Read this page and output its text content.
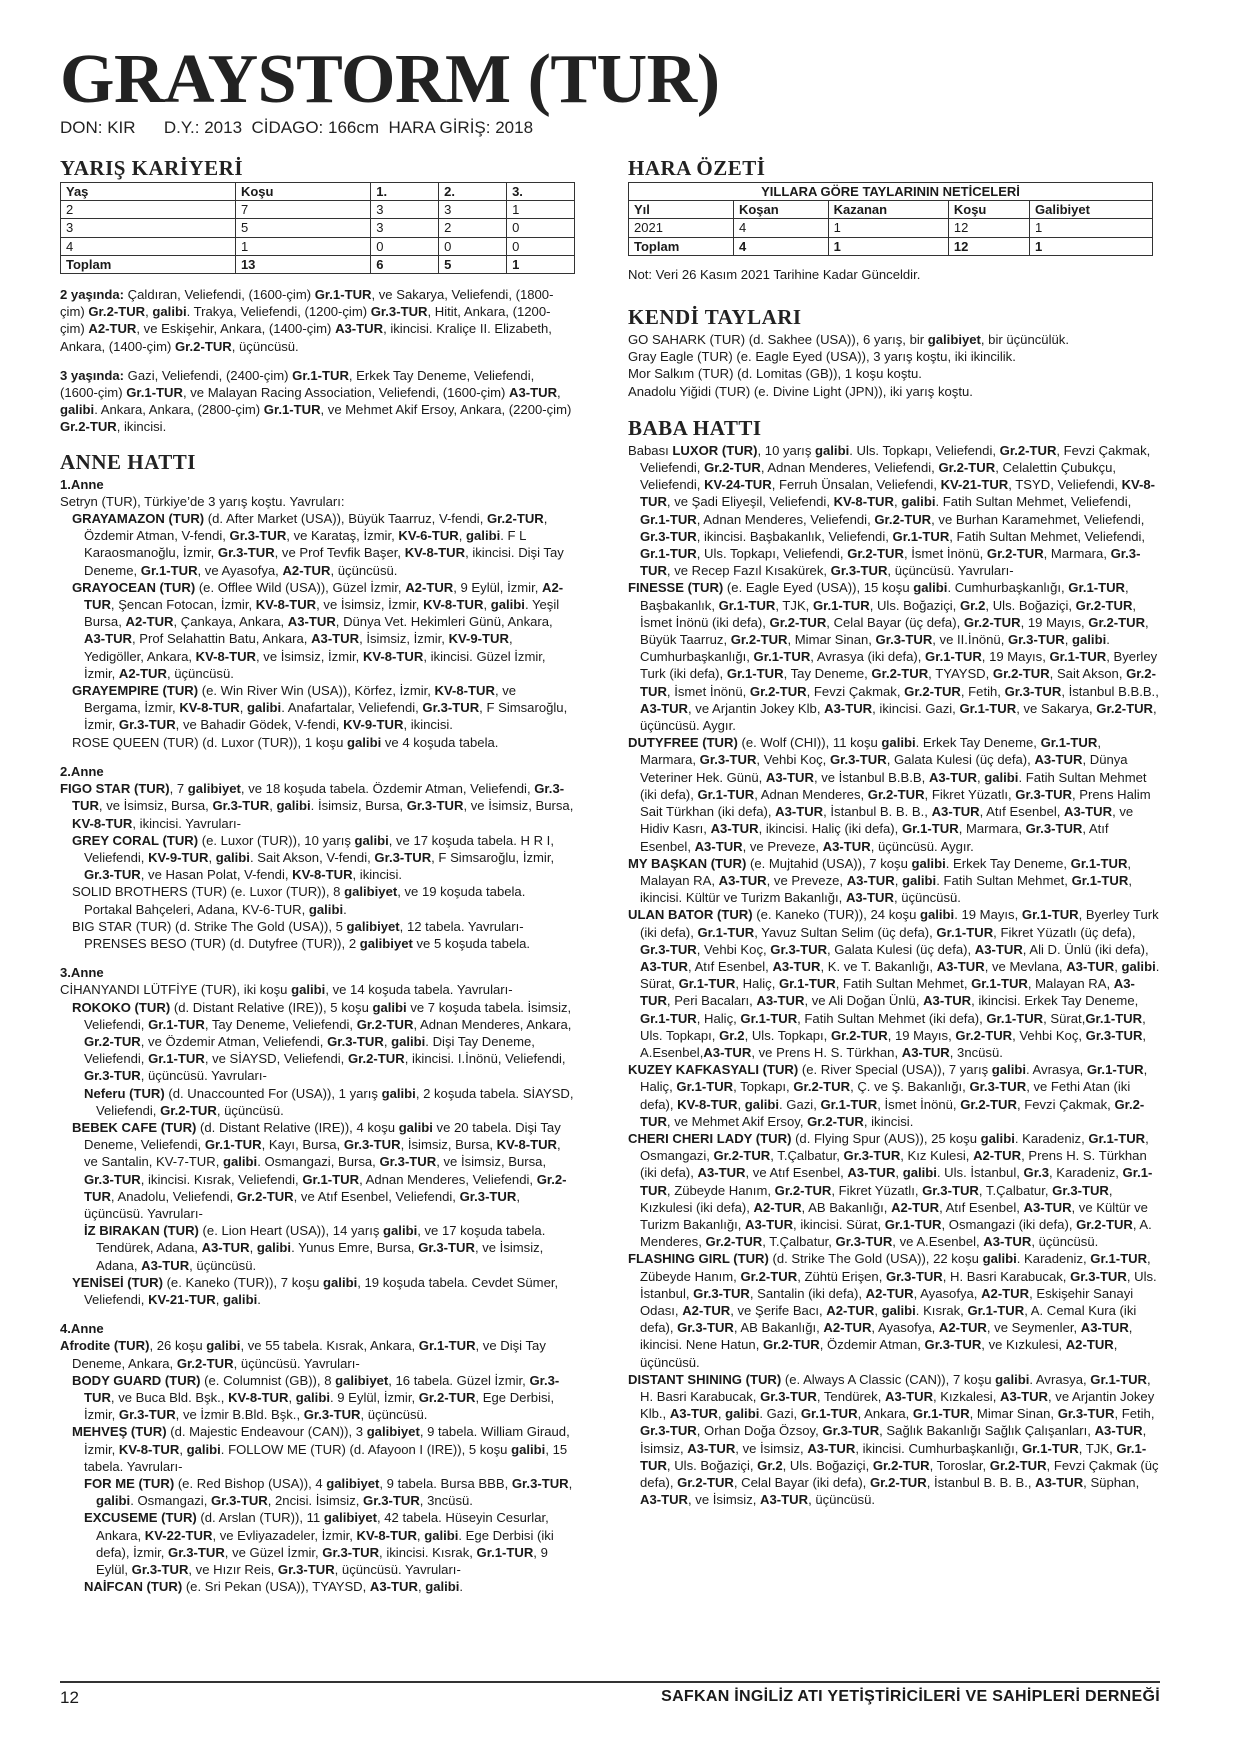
GRAYSTORM (TUR)
DON: KIR      D.Y.: 2013  CİDAGO: 166cm  HARA GİRİŞ: 2018
YARIŞ KARİYERİ
Yaş	Koşu	1.	2.	3.
2	7	3	3	1
3	5	3	2	0
4	1	0	0	0
Toplam	13	6	5	1

2 yaşında: Çaldıran, Veliefendi, (1600-çim) Gr.1-TUR, ve Sakarya, Veliefendi, (1800-çim) Gr.2-TUR, galibi. Trakya, Veliefendi, (1200-çim) Gr.3-TUR, Hitit, Ankara, (1200-çim) A2-TUR, ve Eskişehir, Ankara, (1400-çim) A3-TUR, ikincisi. Kraliçe II. Elizabeth, Ankara, (1400-çim) Gr.2-TUR, üçüncüsü.

3 yaşında: Gazi, Veliefendi, (2400-çim) Gr.1-TUR, Erkek Tay Deneme, Veliefendi, (1600-çim) Gr.1-TUR, ve Malayan Racing Association, Veliefendi, (1600-çim) A3-TUR, galibi. Ankara, Ankara, (2800-çim) Gr.1-TUR, ve Mehmet Akif Ersoy, Ankara, (2200-çim) Gr.2-TUR, ikincisi.

ANNE HATTI

1.Anne

Setryn (TUR), Türkiye’de 3 yarış koştu. Yavruları:

GRAYAMAZON (TUR) (d. After Market (USA)), Büyük Taarruz, V-fendi, Gr.2-TUR, Özdemir Atman, V-fendi, Gr.3-TUR, ve Karataş, İzmir, KV-6-TUR, galibi. F L Karaosmanoğlu, İzmir, Gr.3-TUR, ve Prof Tevfik Başer, KV-8-TUR, ikincisi. Dişi Tay Deneme, Gr.1-TUR, ve Ayasofya, A2-TUR, üçüncüsü.

GRAYOCEAN (TUR) (e. Offlee Wild (USA)), Güzel İzmir, A2-TUR, 9 Eylül, İzmir, A2-TUR, Şencan Fotocan, İzmir, KV-8-TUR, ve İsimsiz, İzmir, KV-8-TUR, galibi. Yeşil Bursa, A2-TUR, Çankaya, Ankara, A3-TUR, Dünya Vet. Hekimleri Günü, Ankara, A3-TUR, Prof Selahattin Batu, Ankara, A3-TUR, İsimsiz, İzmir, KV-9-TUR, Yedigöller, Ankara, KV-8-TUR, ve İsimsiz, İzmir, KV-8-TUR, ikincisi. Güzel İzmir, İzmir, A2-TUR, üçüncüsü.

GRAYEMPIRE (TUR) (e. Win River Win (USA)), Körfez, İzmir, KV-8-TUR, ve Bergama, İzmir, KV-8-TUR, galibi. Anafartalar, Veliefendi, Gr.3-TUR, F Simsaroğlu, İzmir, Gr.3-TUR, ve Bahadir Gödek, V-fendi, KV-9-TUR, ikincisi.

ROSE QUEEN (TUR) (d. Luxor (TUR)), 1 koşu galibi ve 4 koşuda tabela.

2.Anne

FIGO STAR (TUR), 7 galibiyet, ve 18 koşuda tabela. Özdemir Atman, Veliefendi, Gr.3-TUR, ve İsimsiz, Bursa, Gr.3-TUR, galibi. İsimsiz, Bursa, Gr.3-TUR, ve İsimsiz, Bursa, KV-8-TUR, ikincisi. Yavruları-

GREY CORAL (TUR) (e. Luxor (TUR)), 10 yarış galibi, ve 17 koşuda tabela. H R I, Veliefendi, KV-9-TUR, galibi. Sait Akson, V-fendi, Gr.3-TUR, F Simsaroğlu, İzmir, Gr.3-TUR, ve Hasan Polat, V-fendi, KV-8-TUR, ikincisi.

SOLID BROTHERS (TUR) (e. Luxor (TUR)), 8 galibiyet, ve 19 koşuda tabela. Portakal Bahçeleri, Adana, KV-6-TUR, galibi.

BIG STAR (TUR) (d. Strike The Gold (USA)), 5 galibiyet, 12 tabela. Yavruları-

PRENSES BESO (TUR) (d. Dutyfree (TUR)), 2 galibiyet ve 5 koşuda tabela.

3.Anne

CİHANYANDI LÜTFİYE (TUR), iki koşu galibi, ve 14 koşuda tabela. Yavruları-

ROKOKO (TUR) (d. Distant Relative (IRE)), 5 koşu galibi ve 7 koşuda tabela. İsimsiz, Veliefendi, Gr.1-TUR, Tay Deneme, Veliefendi, Gr.2-TUR, Adnan Menderes, Ankara, Gr.2-TUR, ve Özdemir Atman, Veliefendi, Gr.3-TUR, galibi. Dişi Tay Deneme, Veliefendi, Gr.1-TUR, ve SİAYSD, Veliefendi, Gr.2-TUR, ikincisi. I.İnönü, Veliefendi, Gr.3-TUR, üçüncüsü. Yavruları-

Neferu (TUR) (d. Unaccounted For (USA)), 1 yarış galibi, 2 koşuda tabela. SİAYSD, Veliefendi, Gr.2-TUR, üçüncüsü.

BEBEK CAFE (TUR) (d. Distant Relative (IRE)), 4 koşu galibi ve 20 tabela. Dişi Tay Deneme, Veliefendi, Gr.1-TUR, Kayı, Bursa, Gr.3-TUR, İsimsiz, Bursa, KV-8-TUR, ve Santalin, KV-7-TUR, galibi. Osmangazi, Bursa, Gr.3-TUR, ve İsimsiz, Bursa, Gr.3-TUR, ikincisi. Kısrak, Veliefendi, Gr.1-TUR, Adnan Menderes, Veliefendi, Gr.2-TUR, Anadolu, Veliefendi, Gr.2-TUR, ve Atıf Esenbel, Veliefendi, Gr.3-TUR, üçüncüsü. Yavruları-

İZ BIRAKAN (TUR) (e. Lion Heart (USA)), 14 yarış galibi, ve 17 koşuda tabela. Tendürek, Adana, A3-TUR, galibi. Yunus Emre, Bursa, Gr.3-TUR, ve İsimsiz, Adana, A3-TUR, üçüncüsü.

YENİSEİ (TUR) (e. Kaneko (TUR)), 7 koşu galibi, 19 koşuda tabela. Cevdet Sümer, Veliefendi, KV-21-TUR, galibi.

4.Anne

Afrodite (TUR), 26 koşu galibi, ve 55 tabela. Kısrak, Ankara, Gr.1-TUR, ve Dişi Tay Deneme, Ankara, Gr.2-TUR, üçüncüsü. Yavruları-

BODY GUARD (TUR) (e. Columnist (GB)), 8 galibiyet, 16 tabela. Güzel İzmir, Gr.3-TUR, ve Buca Bld. Bşk., KV-8-TUR, galibi. 9 Eylül, İzmir, Gr.2-TUR, Ege Derbisi, İzmir, Gr.3-TUR, ve İzmir B.Bld. Bşk., Gr.3-TUR, üçüncüsü.

MEHVEŞ (TUR) (d. Majestic Endeavour (CAN)), 3 galibiyet, 9 tabela. William Giraud, İzmir, KV-8-TUR, galibi. FOLLOW ME (TUR) (d. Afayoon I (IRE)), 5 koşu galibi, 15 tabela. Yavruları-

FOR ME (TUR) (e. Red Bishop (USA)), 4 galibiyet, 9 tabela. Bursa BBB, Gr.3-TUR, galibi. Osmangazi, Gr.3-TUR, 2ncisi. İsimsiz, Gr.3-TUR, 3ncüsü.

EXCUSEME (TUR) (d. Arslan (TUR)), 11 galibiyet, 42 tabela. Hüseyin Cesurlar, Ankara, KV-22-TUR, ve Evliyazadeler, İzmir, KV-8-TUR, galibi. Ege Derbisi (iki defa), İzmir, Gr.3-TUR, ve Güzel İzmir, Gr.3-TUR, ikincisi. Kısrak, Gr.1-TUR, 9 Eylül, Gr.3-TUR, ve Hızır Reis, Gr.3-TUR, üçüncüsü. Yavruları-

NAİFCAN (TUR) (e. Sri Pekan (USA)), TYAYSD, A3-TUR, galibi.

HARA ÖZETİ
YILLARA GÖRE TAYLARININ NETİCELERİ				
Yıl	Koşan	Kazanan	Koşu	Galibiyet
2021	4	1	12	1
Toplam	4	1	12	1

Not: Veri 26 Kasım 2021 Tarihine Kadar Günceldir.

KENDİ TAYLARI

GO SAHARK (TUR) (d. Sakhee (USA)), 6 yarış, bir galibiyet, bir üçüncülük.

Gray Eagle (TUR) (e. Eagle Eyed (USA)), 3 yarış koştu, iki ikincilik.

Mor Salkım (TUR) (d. Lomitas (GB)), 1 koşu koştu.

Anadolu Yiğidi (TUR) (e. Divine Light (JPN)), iki yarış koştu.

BABA HATTI

Babası LUXOR (TUR), 10 yarış galibi. Uls. Topkapı, Veliefendi, Gr.2-TUR, Fevzi Çakmak, Veliefendi, Gr.2-TUR, Adnan Menderes, Veliefendi, Gr.2-TUR, Celalettin Çubukçu, Veliefendi, KV-24-TUR, Ferruh Ünsalan, Veliefendi, KV-21-TUR, TSYD, Veliefendi, KV-8-TUR, ve Şadi Eliyeşil, Veliefendi, KV-8-TUR, galibi. Fatih Sultan Mehmet, Veliefendi, Gr.1-TUR, Adnan Menderes, Veliefendi, Gr.2-TUR, ve Burhan Karamehmet, Veliefendi, Gr.3-TUR, ikincisi. Başbakanlık, Veliefendi, Gr.1-TUR, Fatih Sultan Mehmet, Veliefendi, Gr.1-TUR, Uls. Topkapı, Veliefendi, Gr.2-TUR, İsmet İnönü, Gr.2-TUR, Marmara, Gr.3-TUR, ve Recep Fazıl Kısakürek, Gr.3-TUR, üçüncüsü. Yavruları-

FINESSE (TUR) (e. Eagle Eyed (USA)), 15 koşu galibi. Cumhurbaşkanlığı, Gr.1-TUR, Başbakanlık, Gr.1-TUR, TJK, Gr.1-TUR, Uls. Boğaziçi, Gr.2, Uls. Boğaziçi, Gr.2-TUR, İsmet İnönü (iki defa), Gr.2-TUR, Celal Bayar (üç defa), Gr.2-TUR, 19 Mayıs, Gr.2-TUR, Büyük Taarruz, Gr.2-TUR, Mimar Sinan, Gr.3-TUR, ve II.İnönü, Gr.3-TUR, galibi. Cumhurbaşkanlığı, Gr.1-TUR, Avrasya (iki defa), Gr.1-TUR, 19 Mayıs, Gr.1-TUR, Byerley Turk (iki defa), Gr.1-TUR, Tay Deneme, Gr.2-TUR, TYAYSD, Gr.2-TUR, Sait Akson, Gr.2-TUR, İsmet İnönü, Gr.2-TUR, Fevzi Çakmak, Gr.2-TUR, Fetih, Gr.3-TUR, İstanbul B.B.B., A3-TUR, ve Arjantin Jokey Klb, A3-TUR, ikincisi. Gazi, Gr.1-TUR, ve Sakarya, Gr.2-TUR, üçüncüsü. Aygır.

DUTYFREE (TUR) (e. Wolf (CHI)), 11 koşu galibi. Erkek Tay Deneme, Gr.1-TUR, Marmara, Gr.3-TUR, Vehbi Koç, Gr.3-TUR, Galata Kulesi (üç defa), A3-TUR, Dünya Veteriner Hek. Günü, A3-TUR, ve İstanbul B.B.B, A3-TUR, galibi. Fatih Sultan Mehmet (iki defa), Gr.1-TUR, Adnan Menderes, Gr.2-TUR, Fikret Yüzatlı, Gr.3-TUR, Prens Halim Sait Türkhan (iki defa), A3-TUR, İstanbul B. B. B., A3-TUR, Atıf Esenbel, A3-TUR, ve Hidiv Kasrı, A3-TUR, ikincisi. Haliç (iki defa), Gr.1-TUR, Marmara, Gr.3-TUR, Atıf Esenbel, A3-TUR, ve Preveze, A3-TUR, üçüncüsü. Aygır.

MY BAŞKAN (TUR) (e. Mujtahid (USA)), 7 koşu galibi. Erkek Tay Deneme, Gr.1-TUR, Malayan RA, A3-TUR, ve Preveze, A3-TUR, galibi. Fatih Sultan Mehmet, Gr.1-TUR, ikincisi. Kültür ve Turizm Bakanlığı, A3-TUR, üçüncüsü.

ULAN BATOR (TUR) (e. Kaneko (TUR)), 24 koşu galibi. 19 Mayıs, Gr.1-TUR, Byerley Turk (iki defa), Gr.1-TUR, Yavuz Sultan Selim (üç defa), Gr.1-TUR, Fikret Yüzatlı (üç defa), Gr.3-TUR, Vehbi Koç, Gr.3-TUR, Galata Kulesi (üç defa), A3-TUR, Ali D. Ünlü (iki defa), A3-TUR, Atıf Esenbel, A3-TUR, K. ve T. Bakanlığı, A3-TUR, ve Mevlana, A3-TUR, galibi. Sürat, Gr.1-TUR, Haliç, Gr.1-TUR, Fatih Sultan Mehmet, Gr.1-TUR, Malayan RA, A3-TUR, Peri Bacaları, A3-TUR, ve Ali Doğan Ünlü, A3-TUR, ikincisi. Erkek Tay Deneme, Gr.1-TUR, Haliç, Gr.1-TUR, Fatih Sultan Mehmet (iki defa), Gr.1-TUR, Sürat,Gr.1-TUR, Uls. Topkapı, Gr.2, Uls. Topkapı, Gr.2-TUR, 19 Mayıs, Gr.2-TUR, Vehbi Koç, Gr.3-TUR, A.Esenbel,A3-TUR, ve Prens H. S. Türkhan, A3-TUR, 3ncüsü.

KUZEY KAFKASYALI (TUR) (e. River Special (USA)), 7 yarış galibi. Avrasya, Gr.1-TUR, Haliç, Gr.1-TUR, Topkapı, Gr.2-TUR, Ç. ve Ş. Bakanlığı, Gr.3-TUR, ve Fethi Atan (iki defa), KV-8-TUR, galibi. Gazi, Gr.1-TUR, İsmet İnönü, Gr.2-TUR, Fevzi Çakmak, Gr.2-TUR, ve Mehmet Akif Ersoy, Gr.2-TUR, ikincisi.

CHERI CHERI LADY (TUR) (d. Flying Spur (AUS)), 25 koşu galibi. Karadeniz, Gr.1-TUR, Osmangazi, Gr.2-TUR, T.Çalbatur, Gr.3-TUR, Kız Kulesi, A2-TUR, Prens H. S. Türkhan (iki defa), A3-TUR, ve Atıf Esenbel, A3-TUR, galibi. Uls. İstanbul, Gr.3, Karadeniz, Gr.1-TUR, Zübeyde Hanım, Gr.2-TUR, Fikret Yüzatlı, Gr.3-TUR, T.Çalbatur, Gr.3-TUR, Kızkulesi (iki defa), A2-TUR, AB Bakanlığı, A2-TUR, Atıf Esenbel, A3-TUR, ve Kültür ve Turizm Bakanlığı, A3-TUR, ikincisi. Sürat, Gr.1-TUR, Osmangazi (iki defa), Gr.2-TUR, A. Menderes, Gr.2-TUR, T.Çalbatur, Gr.3-TUR, ve A.Esenbel, A3-TUR, üçüncüsü.

FLASHING GIRL (TUR) (d. Strike The Gold (USA)), 22 koşu galibi. Karadeniz, Gr.1-TUR, Zübeyde Hanım, Gr.2-TUR, Zühtü Erişen, Gr.3-TUR, H. Basri Karabucak, Gr.3-TUR, Uls. İstanbul, Gr.3-TUR, Santalin (iki defa), A2-TUR, Ayasofya, A2-TUR, Eskişehir Sanayi Odası, A2-TUR, ve Şerife Bacı, A2-TUR, galibi. Kısrak, Gr.1-TUR, A. Cemal Kura (iki defa), Gr.3-TUR, AB Bakanlığı, A2-TUR, Ayasofya, A2-TUR, ve Seymenler, A3-TUR, ikincisi. Nene Hatun, Gr.2-TUR, Özdemir Atman, Gr.3-TUR, ve Kızkulesi, A2-TUR, üçüncüsü.

DISTANT SHINING (TUR) (e. Always A Classic (CAN)), 7 koşu galibi. Avrasya, Gr.1-TUR, H. Basri Karabucak, Gr.3-TUR, Tendürek, A3-TUR, Kızkalesi, A3-TUR, ve Arjantin Jokey Klb., A3-TUR, galibi. Gazi, Gr.1-TUR, Ankara, Gr.1-TUR, Mimar Sinan, Gr.3-TUR, Fetih, Gr.3-TUR, Orhan Doğa Özsoy, Gr.3-TUR, Sağlık Bakanlığı Sağlık Çalışanları, A3-TUR, İsimsiz, A3-TUR, ve İsimsiz, A3-TUR, ikincisi. Cumhurbaşkanlığı, Gr.1-TUR, TJK, Gr.1-TUR, Uls. Boğaziçi, Gr.2, Uls. Boğaziçi, Gr.2-TUR, Toroslar, Gr.2-TUR, Fevzi Çakmak (üç defa), Gr.2-TUR, Celal Bayar (iki defa), Gr.2-TUR, İstanbul B. B. B., A3-TUR, Süphan, A3-TUR, ve İsimsiz, A3-TUR, üçüncüsü.

12	SAFKAN İNGİLİZ ATI YETİŞTİRİCİLERİ VE SAHİPLERİ DERNEĞİ
